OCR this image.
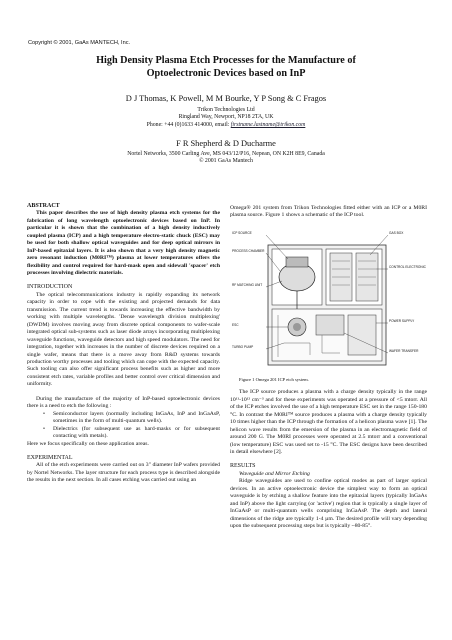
Copyright © 2001, GaAs MANTECH, Inc.
High Density Plasma Etch Processes for the Manufacture of
Optoelectronic Devices based on InP
D J Thomas, K Powell, M M Bourke, Y P Song & C Fragos
Trikon Technologies Ltd
Ringland Way, Newport, NP18 2TA, UK
Phone: +44 (0)1633 414000, email: firstname.lastname@trikon.com
F R Shepherd & D Ducharme
Nortel Networks, 3500 Carling Ave, MS 043/12/P16, Nepean, ON K2H 8E9, Canada
© 2001 GaAs Mantech
ABSTRACT

This paper describes the use of high density plasma etch systems for the fabrication of long wavelength optoelectronic devices based on InP. In particular it is shown that the combination of a high density inductively coupled plasma (ICP) and a high temperature electro-static chuck (ESC) may be used for both shallow optical waveguides and for deep optical mirrors in InP-based epitaxial layers. It is also shown that a very high density magnetic zero resonant induction (M0RI™) plasma at lower temperatures offers the flexibility and control required for hard-mask open and sidewall 'spacer' etch processes involving dielectric materials.

INTRODUCTION

The optical telecommunications industry is rapidly expanding its network capacity in order to cope with the existing and projected demands for data transmission. The current trend is towards increasing the effective bandwidth by working with multiple wavelengths. 'Dense wavelength division multiplexing' (DWDM) involves moving away from discrete optical components to wafer-scale integrated optical sub-systems such as laser diode arrays incorporating multiplexing waveguide functions, waveguide detectors and high speed modulators. The need for integration, together with increases in the number of discrete devices required on a single wafer, means that there is a move away from R&D systems towards production worthy processes and tooling which can cope with the expected capacity. Such tooling can also offer significant process benefits such as higher and more consistent etch rates, variable profiles and better control over critical dimension and uniformity.

During the manufacture of the majority of InP-based optoelectronic devices there is a need to etch the following :

• Semiconductor layers (normally including InGaAs, InP and InGaAsP, sometimes in the form of multi-quantum wells).
• Dielectrics (for subsequent use as hard-masks or for subsequent contacting with metals).

Here we focus specifically on these application areas.

EXPERIMENTAL

All of the etch experiments were carried out on 3" diameter InP wafers provided by Nortel Networks. The layer structure for each process type is described alongside the results in the next section. In all cases etching was carried out using an

Omega® 201 system from Trikon Technologies fitted either with an ICP or a M0RI plasma source. Figure 1 shows a schematic of the ICP tool.

ICP SOURCE
PROCESS CHAMBER
RF MATCHING UNIT
ESC
TURBO PUMP
GAS BOX
CONTROL ELECTRONICS
POWER SUPPLY
WAFER TRANSFER
Figure 1 Omega 201 ICP etch system.

The ICP source produces a plasma with a charge density typically in the range 10¹¹-10¹² cm⁻³ and for these experiments was operated at a pressure of <5 mtorr. All of the ICP etches involved the use of a high temperature ESC set in the range 150-180 °C. In contrast the M0RI™ source produces a plasma with a charge density typically 10 times higher than the ICP through the formation of a helicon plasma wave [1]. The helicon wave results from the emersion of the plasma in an electromagnetic field of around 200 G. The M0RI processes were operated at 2.5 mtorr and a conventional (low temperature) ESC was used set to -15 °C. The ESC designs have been described in detail elsewhere [2].

RESULTS
Waveguide and Mirror Etching

Ridge waveguides are used to confine optical modes as part of larger optical devices. In an active optoelectronic device the simplest way to form an optical waveguide is by etching a shallow feature into the epitaxial layers (typically InGaAs and InP) above the light carrying (or 'active') region that is typically a single layer of InGaAsP or multi-quantum wells comprising InGaAsP. The depth and lateral dimensions of the ridge are typically 1-4 µm. The desired profile will vary depending upon the subsequent processing steps but is typically ~80-85°.
